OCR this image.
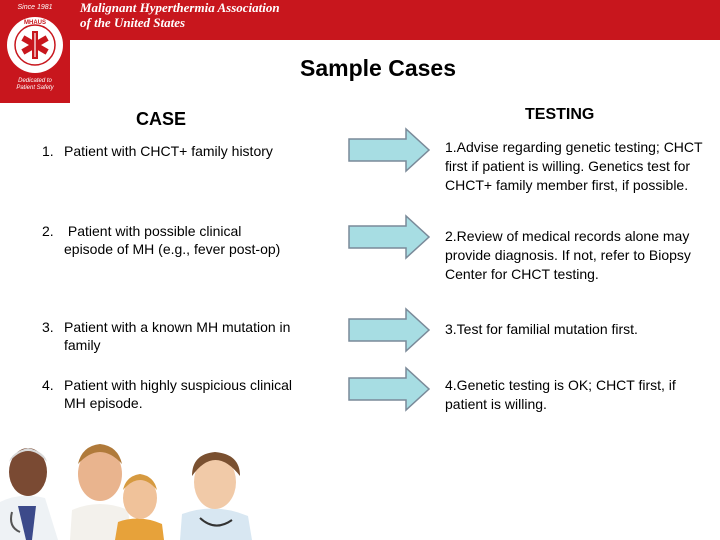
Malignant Hyperthermia Association
of the United States
Since 1981
MHAUS
Dedicated to
Patient Safety
Sample Cases
CASE	TESTING
1. Patient with CHCT+ family history	1.Advise regarding genetic testing; CHCT first if patient is willing. Genetics test for CHCT+ family member first, if possible.
2. Patient with possible clinical
episode of MH (e.g., fever post-op)
2.Review of medical records alone may provide diagnosis. If not, refer to Biopsy Center for CHCT testing.
3. Patient with a known MH mutation in
family
3.Test for familial mutation first.
4. Patient with highly suspicious clinical
MH episode.
4.Genetic testing is OK; CHCT first, if patient is willing.
